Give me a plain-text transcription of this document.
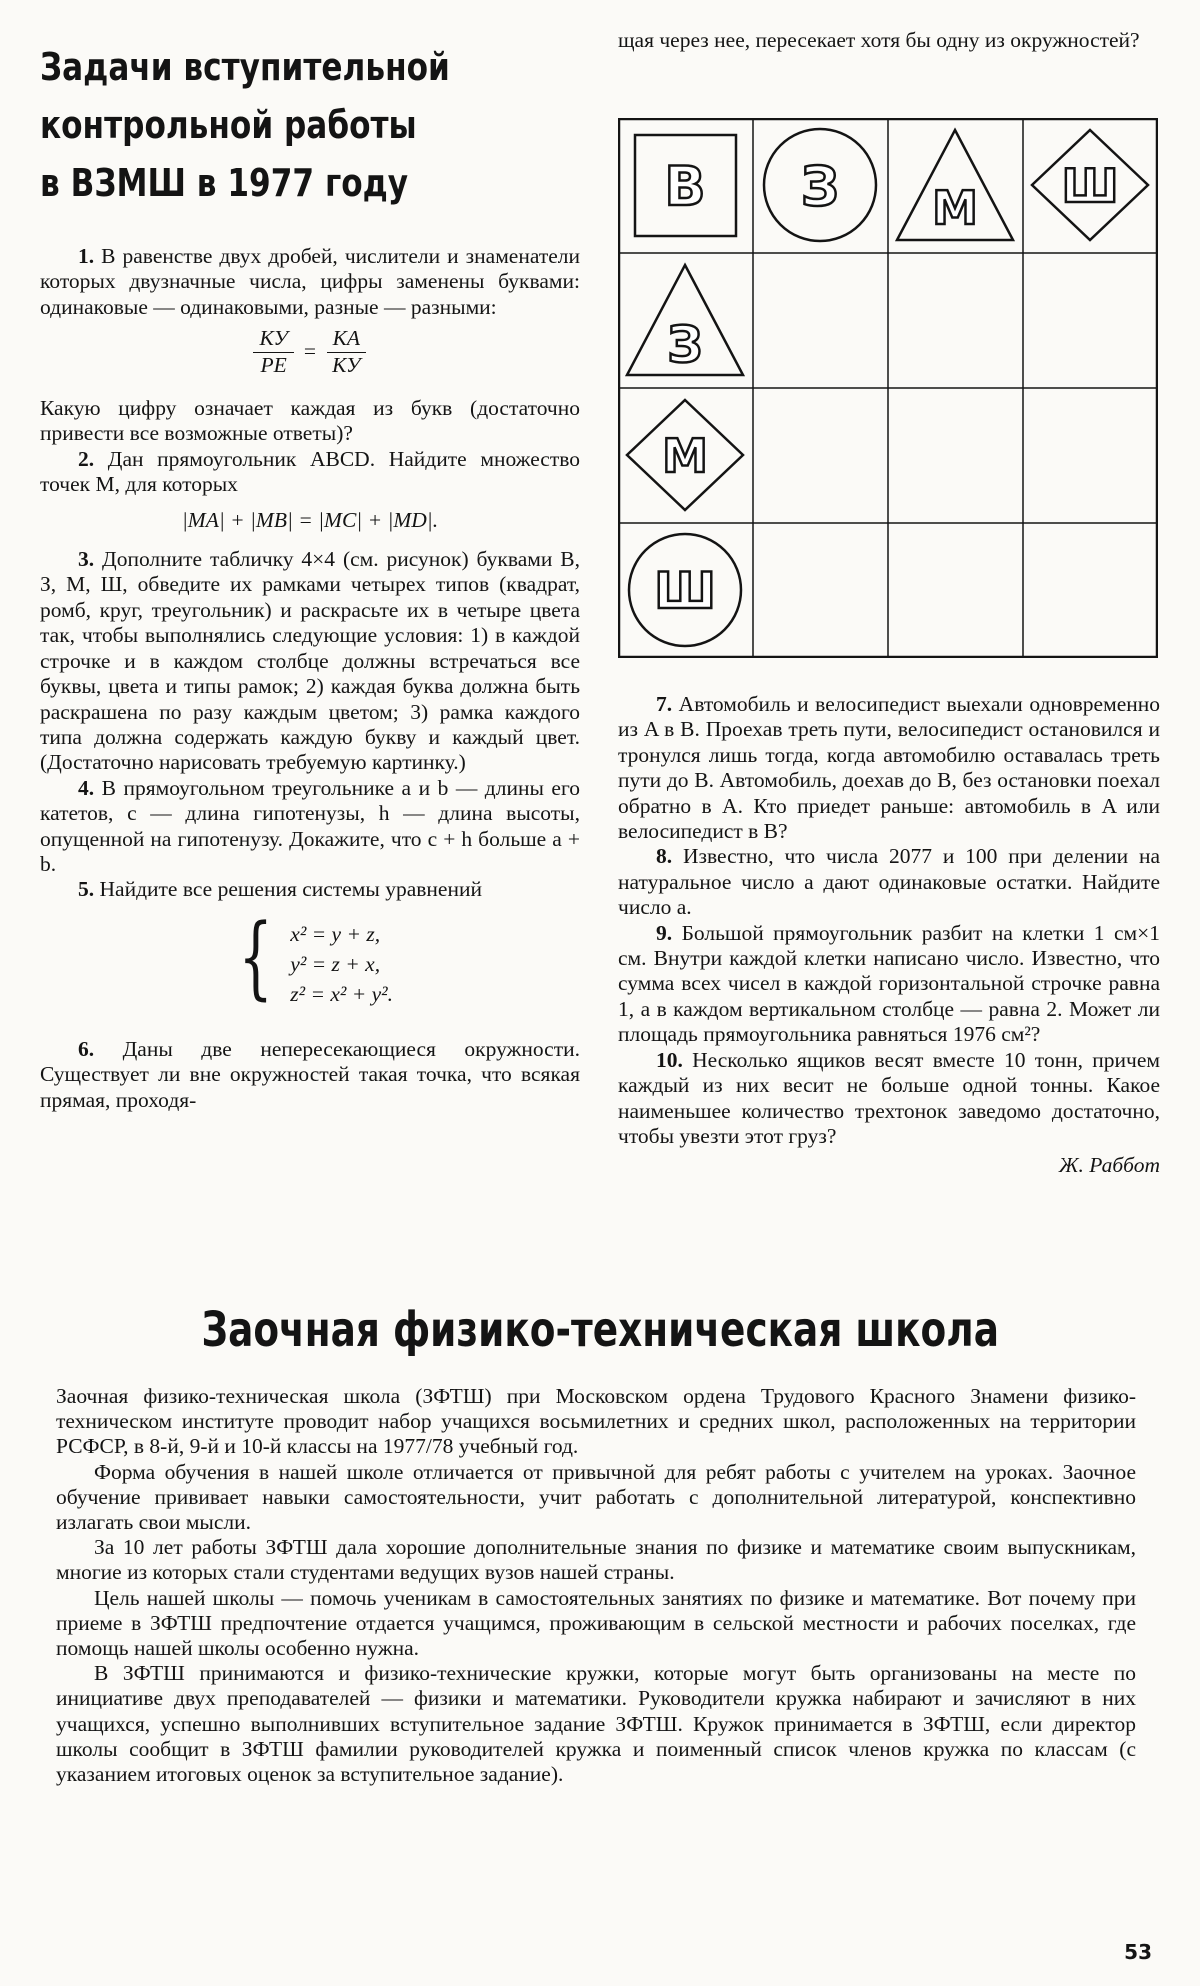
Задачи вступительной
контрольной работы
в ВЗМШ в 1977 году

щая через нее, пересекает хотя бы одну из окружностей?

1. В равенстве двух дробей, числители и знаменатели которых двузначные числа, цифры заменены буквами: одинаковые — одинаковыми, разные — разными:

$\frac{КУ}{РЕ} = \frac{КА}{КУ}$

Какую цифру означает каждая из букв (достаточно привести все возможные ответы)?

2. Дан прямоугольник ABCD. Найдите множество точек M, для которых

|MA| + |MB| = |MC| + |MD|.

3. Дополните табличку 4×4 (см. рисунок) буквами В, З, М, Ш, обведите их рамками четырех типов (квадрат, ромб, круг, треугольник) и раскрасьте их в четыре цвета так, чтобы выполнялись следующие условия: 1) в каждой строчке и в каждом столбце должны встречаться все буквы, цвета и типы рамок; 2) каждая буква должна быть раскрашена по разу каждым цветом; 3) рамка каждого типа должна содержать каждую букву и каждый цвет. (Достаточно нарисовать требуемую картинку.)

4. В прямоугольном треугольнике a и b — длины его катетов, c — длина гипотенузы, h — длина высоты, опущенной на гипотенузу. Докажите, что c + h больше a + b.

5. Найдите все решения системы уравнений

{ x² = y + z,
y² = z + x,
z² = x² + y².

6. Даны две непересекающиеся окружности. Существует ли вне окружностей такая точка, что всякая прямая, проходя-

В З М Ш
З
М
Ш

7. Автомобиль и велосипедист выехали одновременно из A в B. Проехав треть пути, велосипедист остановился и тронулся лишь тогда, когда автомобилю оставалась треть пути до B. Автомобиль, доехав до B, без остановки поехал обратно в A. Кто приедет раньше: автомобиль в A или велосипедист в B?

8. Известно, что числа 2077 и 100 при делении на натуральное число a дают одинаковые остатки. Найдите число a.

9. Большой прямоугольник разбит на клетки 1 см×1 см. Внутри каждой клетки написано число. Известно, что сумма всех чисел в каждой горизонтальной строчке равна 1, а в каждом вертикальном столбце — равна 2. Может ли площадь прямоугольника равняться 1976 см²?

10. Несколько ящиков весят вместе 10 тонн, причем каждый из них весит не больше одной тонны. Какое наименьшее количество трехтонок заведомо достаточно, чтобы увезти этот груз?

Ж. Раббот

Заочная физико-техническая школа

Заочная физико-техническая школа (ЗФТШ) при Московском ордена Трудового Красного Знамени физико-техническом институте проводит набор учащихся восьмилетних и средних школ, расположенных на территории РСФСР, в 8-й, 9-й и 10-й классы на 1977/78 учебный год.

Форма обучения в нашей школе отличается от привычной для ребят работы с учителем на уроках. Заочное обучение прививает навыки самостоятельности, учит работать с дополнительной литературой, конспективно излагать свои мысли.

За 10 лет работы ЗФТШ дала хорошие дополнительные знания по физике и математике своим выпускникам, многие из которых стали студентами ведущих вузов нашей страны.

Цель нашей школы — помочь ученикам в самостоятельных занятиях по физике и математике. Вот почему при приеме в ЗФТШ предпочтение отдается учащимся, проживающим в сельской местности и рабочих поселках, где помощь нашей школы особенно нужна.

В ЗФТШ принимаются и физико-технические кружки, которые могут быть организованы на месте по инициативе двух преподавателей — физики и математики. Руководители кружка набирают и зачисляют в них учащихся, успешно выполнивших вступительное задание ЗФТШ. Кружок принимается в ЗФТШ, если директор школы сообщит в ЗФТШ фамилии руководителей кружка и поименный список членов кружка по классам (с указанием итоговых оценок за вступительное задание).

53
